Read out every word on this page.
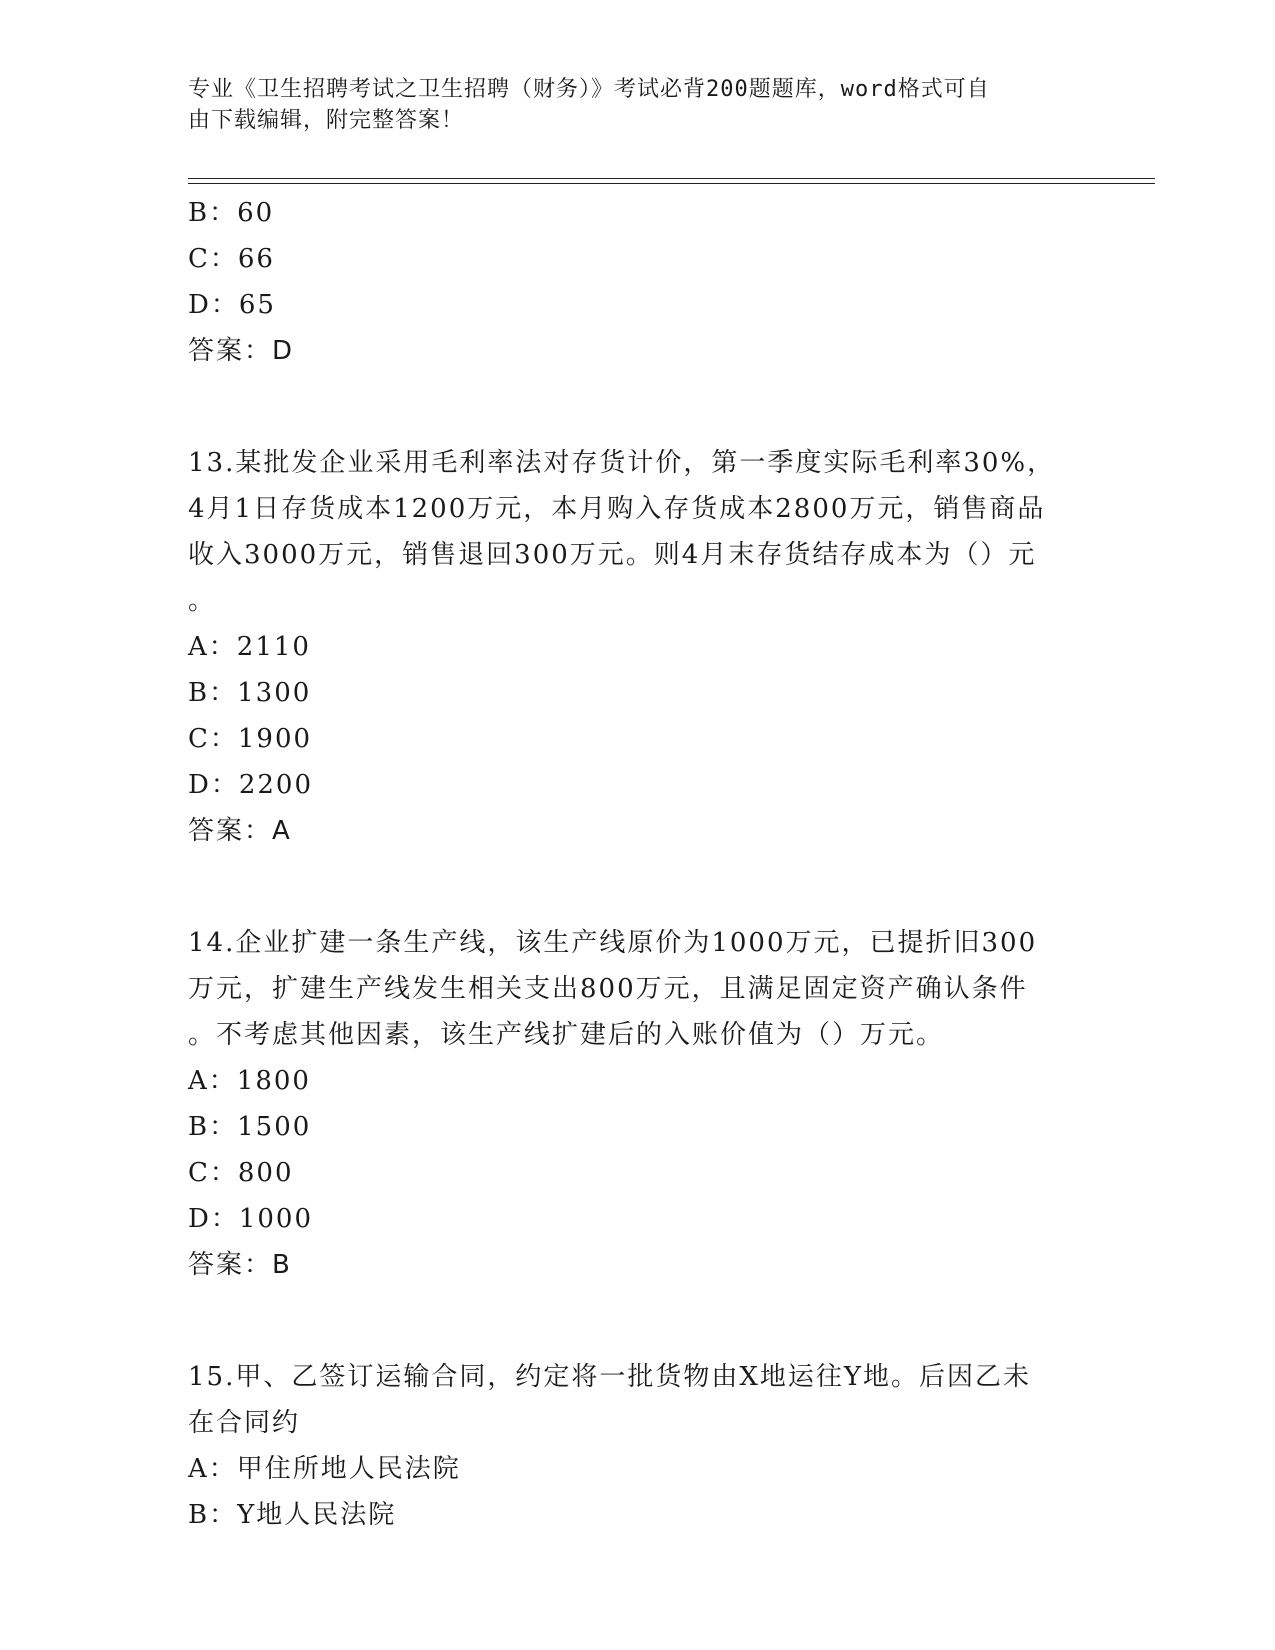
专业《卫生招聘考试之卫生招聘（财务）》考试必背200题题库，word格式可自
由下载编辑，附完整答案！
B：60
C：66
D：65
答案：D
13.某批发企业采用毛利率法对存货计价，第一季度实际毛利率30%，
4月1日存货成本1200万元，本月购入存货成本2800万元，销售商品
收入3000万元，销售退回300万元。则4月末存货结存成本为（）元
。
A：2110
B：1300
C：1900
D：2200
答案：A
14.企业扩建一条生产线，该生产线原价为1000万元，已提折旧300
万元，扩建生产线发生相关支出800万元，且满足固定资产确认条件
。不考虑其他因素，该生产线扩建后的入账价值为（）万元。
A：1800
B：1500
C：800
D：1000
答案：B
15.甲、乙签订运输合同，约定将一批货物由X地运往Y地。后因乙未
在合同约
A：甲住所地人民法院
B：Y地人民法院
